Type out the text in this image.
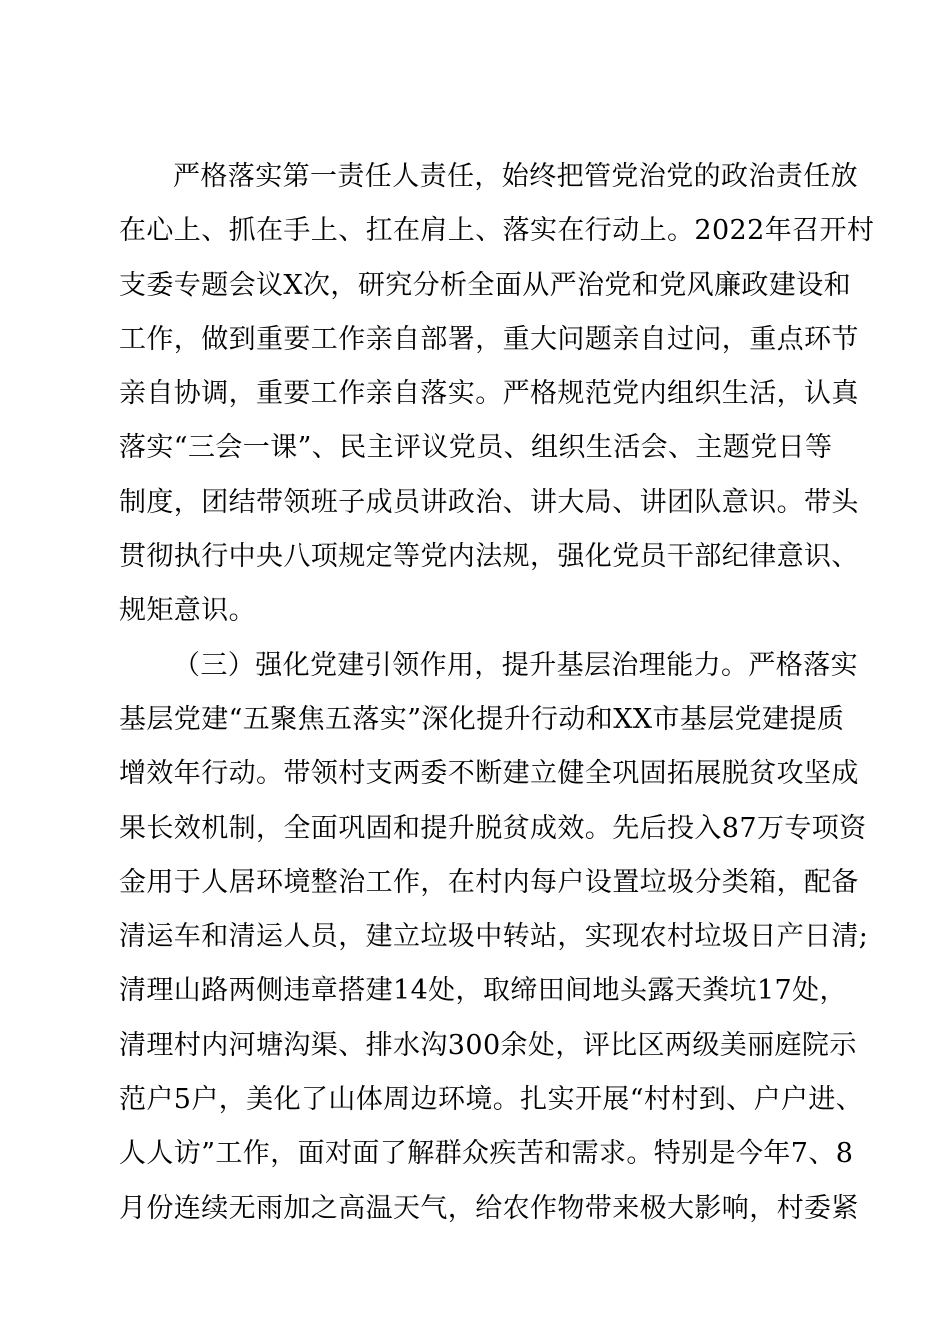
严格落实第一责任人责任，始终把管党治党的政治责任放
在心上、抓在手上、扛在肩上、落实在行动上。2022年召开村
支委专题会议X次，研究分析全面从严治党和党风廉政建设和
工作，做到重要工作亲自部署，重大问题亲自过问，重点环节
亲自协调，重要工作亲自落实。严格规范党内组织生活，认真
落实“三会一课”、民主评议党员、组织生活会、主题党日等
制度，团结带领班子成员讲政治、讲大局、讲团队意识。带头
贯彻执行中央八项规定等党内法规，强化党员干部纪律意识、
规矩意识。
（三）强化党建引领作用，提升基层治理能力。严格落实
基层党建“五聚焦五落实”深化提升行动和XX市基层党建提质
增效年行动。带领村支两委不断建立健全巩固拓展脱贫攻坚成
果长效机制，全面巩固和提升脱贫成效。先后投入87万专项资
金用于人居环境整治工作，在村内每户设置垃圾分类箱，配备
清运车和清运人员，建立垃圾中转站，实现农村垃圾日产日清;
清理山路两侧违章搭建14处，取缔田间地头露天粪坑17处，
清理村内河塘沟渠、排水沟300余处，评比区两级美丽庭院示
范户5户，美化了山体周边环境。扎实开展“村村到、户户进、
人人访”工作，面对面了解群众疾苦和需求。特别是今年7、8
月份连续无雨加之高温天气，给农作物带来极大影响，村委紧
